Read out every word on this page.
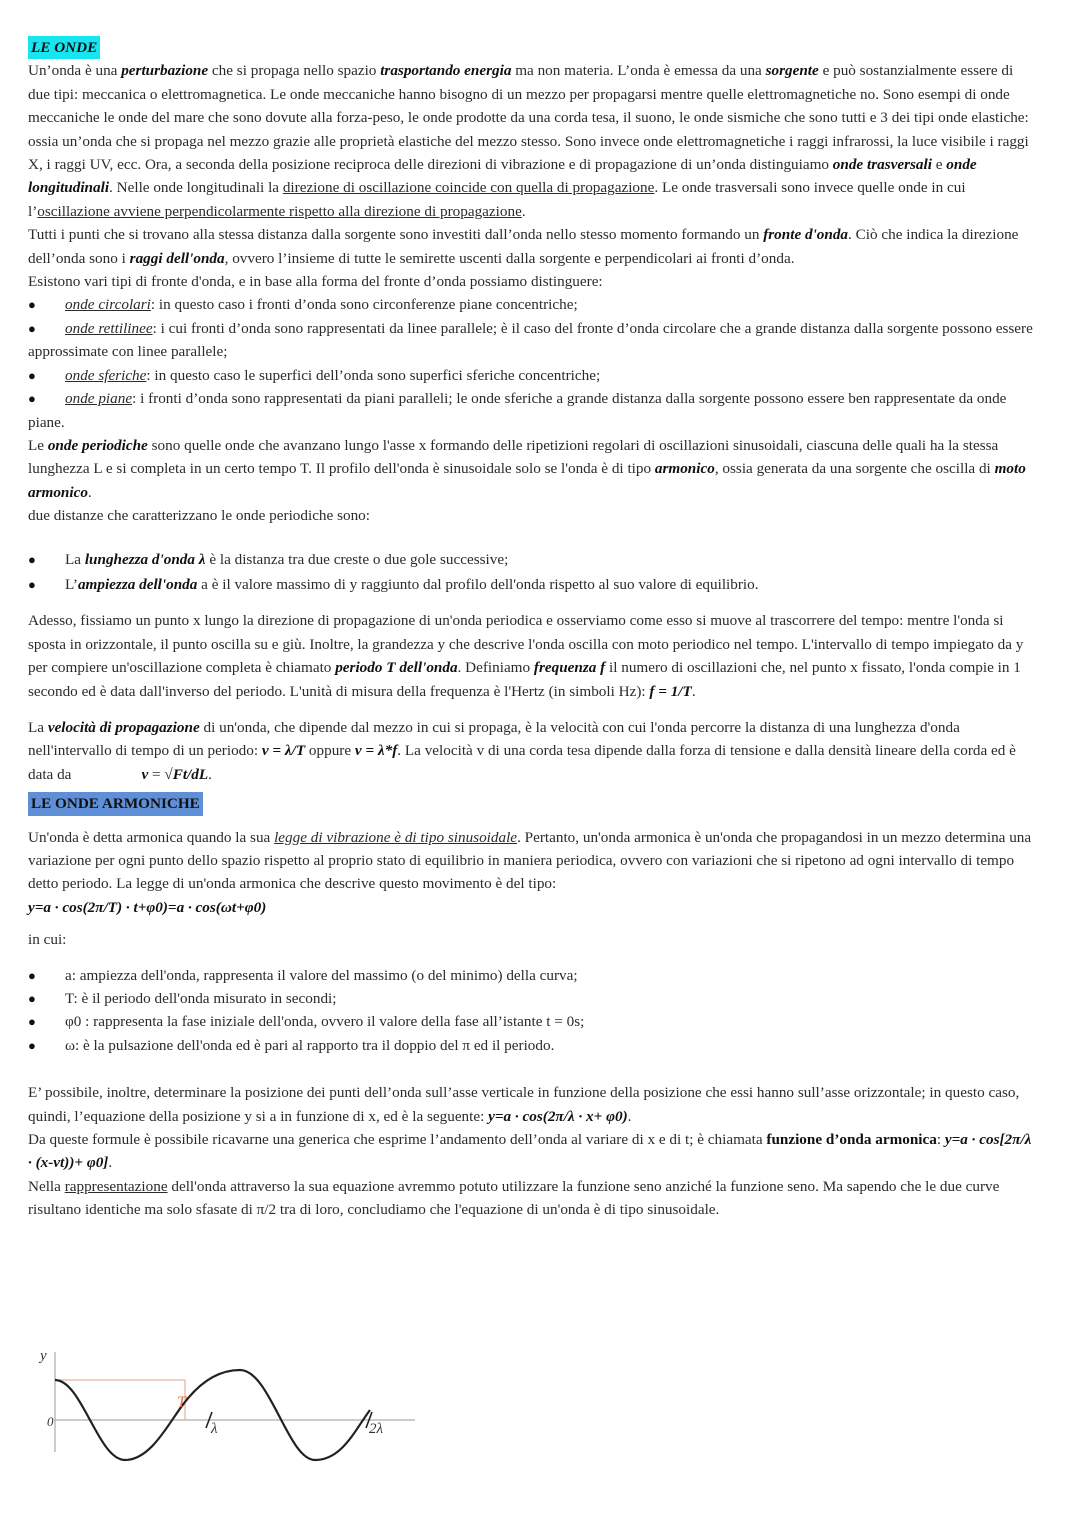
LE ONDE

Un’onda è una perturbazione che si propaga nello spazio trasportando energia ma non materia. L’onda è emessa da una sorgente e può sostanzialmente essere di due tipi: meccanica o elettromagnetica. Le onde meccaniche hanno bisogno di un mezzo per propagarsi mentre quelle elettromagnetiche no. Sono esempi di onde meccaniche le onde del mare che sono dovute alla forza-peso, le onde prodotte da una corda tesa, il suono, le onde sismiche che sono tutti e 3 dei tipi onde elastiche: ossia un’onda che si propaga nel mezzo grazie alle proprietà elastiche del mezzo stesso. Sono invece onde elettromagnetiche i raggi infrarossi, la luce visibile i raggi X, i raggi UV, ecc. Ora, a seconda della posizione reciproca delle direzioni di vibrazione e di propagazione di un’onda distinguiamo onde trasversali e onde longitudinali. Nelle onde longitudinali la direzione di oscillazione coincide con quella di propagazione. Le onde trasversali sono invece quelle onde in cui l’oscillazione avviene perpendicolarmente rispetto alla direzione di propagazione.

Tutti i punti che si trovano alla stessa distanza dalla sorgente sono investiti dall’onda nello stesso momento formando un fronte d'onda. Ciò che indica la direzione dell’onda sono i raggi dell'onda, ovvero l’insieme di tutte le semirette uscenti dalla sorgente e perpendicolari ai fronti d’onda.

Esistono vari tipi di fronte d'onda, e in base alla forma del fronte d’onda possiamo distinguere:

● onde circolari: in questo caso i fronti d’onda sono circonferenze piane concentriche;

● onde rettilinee: i cui fronti d’onda sono rappresentati da linee parallele; è il caso del fronte d’onda circolare che a grande distanza dalla sorgente possono essere approssimate con linee parallele;

● onde sferiche: in questo caso le superfici dell’onda sono superfici sferiche concentriche;

● onde piane: i fronti d’onda sono rappresentati da piani paralleli; le onde sferiche a grande distanza dalla sorgente possono essere ben rappresentate da onde piane.

Le onde periodiche sono quelle onde che avanzano lungo l'asse x formando delle ripetizioni regolari di oscillazioni sinusoidali, ciascuna delle quali ha la stessa lunghezza L e si completa in un certo tempo T. Il profilo dell'onda è sinusoidale solo se l'onda è di tipo armonico, ossia generata da una sorgente che oscilla di moto armonico.

due distanze che caratterizzano le onde periodiche sono:

● La lunghezza d'onda λ è la distanza tra due creste o due gole successive;

● L’ampiezza dell'onda a è il valore massimo di y raggiunto dal profilo dell'onda rispetto al suo valore di equilibrio.

Adesso, fissiamo un punto x lungo la direzione di propagazione di un'onda periodica e osserviamo come esso si muove al trascorrere del tempo: mentre l'onda si sposta in orizzontale, il punto oscilla su e giù. Inoltre, la grandezza y che descrive l'onda oscilla con moto periodico nel tempo. L'intervallo di tempo impiegato da y per compiere un'oscillazione completa è chiamato periodo T dell'onda. Definiamo frequenza f il numero di oscillazioni che, nel punto x fissato, l'onda compie in 1 secondo ed è data dall'inverso del periodo. L'unità di misura della frequenza è l'Hertz (in simboli Hz): f = 1/T.

La velocità di propagazione di un'onda, che dipende dal mezzo in cui si propaga, è la velocità con cui l'onda percorre la distanza di una lunghezza d'onda nell'intervallo di tempo di un periodo: v = λ/T oppure v = λ*f. La velocità v di una corda tesa dipende dalla forza di tensione e dalla densità lineare della corda ed è data da	v = √Ft/dL.

LE ONDE ARMONICHE

Un'onda è detta armonica quando la sua legge di vibrazione è di tipo sinusoidale. Pertanto, un'onda armonica è un'onda che propagandosi in un mezzo determina una variazione per ogni punto dello spazio rispetto al proprio stato di equilibrio in maniera periodica, ovvero con variazioni che si ripetono ad ogni intervallo di tempo detto periodo. La legge di un'onda armonica che descrive questo movimento è del tipo:

y=a · cos(2π/T) · t+φ0)=a · cos(ωt+φ0)

in cui:

● a: ampiezza dell'onda, rappresenta il valore del massimo (o del minimo) della curva;

● T: è il periodo dell'onda misurato in secondi;

● φ0 : rappresenta la fase iniziale dell'onda, ovvero il valore della fase all’istante t = 0s;

● ω: è la pulsazione dell'onda ed è pari al rapporto tra il doppio del π ed il periodo.

E’ possibile, inoltre, determinare la posizione dei punti dell’onda sull’asse verticale in funzione della posizione che essi hanno sull’asse orizzontale; in questo caso, quindi, l’equazione della posizione y si a in funzione di x, ed è la seguente: y=a · cos(2π/λ · x+ φ0).

Da queste formule è possibile ricavarne una generica che esprime l’andamento dell’onda al variare di x e di t; è chiamata funzione d’onda armonica: y=a · cos[2π/λ · (x-vt))+ φ0].

Nella rappresentazione dell'onda attraverso la sua equazione avremmo potuto utilizzare la funzione seno anziché la funzione seno. Ma sapendo che le due curve risultano identiche ma solo sfasate di π/2 tra di loro, concludiamo che l'equazione di un'onda è di tipo sinusoidale.

y
0
T
λ	2λ
